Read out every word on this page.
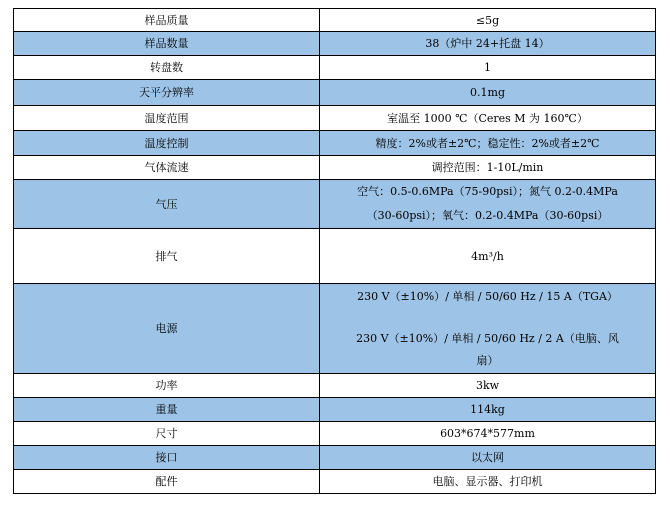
样品质量	≤5g
样品数量	38（炉中 24+托盘 14）
转盘数	1
天平分辨率	0.1mg
温度范围	室温至 1000 ℃（Ceres M 为 160℃）
温度控制	精度：2%或者±2℃；稳定性：2%或者±2℃
气体流速	调控范围：1-10L/min
气压	空气：0.5-0.6MPa（75-90psi）；氮气 0.2-0.4MPa
（30-60psi）；氧气：0.2-0.4MPa（30-60psi）

排气	4m³/h
电源	230 V（±10%）/ 单相 / 50/60 Hz / 15 A（TGA）
230 V（±10%）/ 单相 / 50/60 Hz / 2 A（电脑、风
扇）

功率	3kw
重量	114kg
尺寸	603*674*577mm
接口	以太网
配件	电脑、显示器、打印机
